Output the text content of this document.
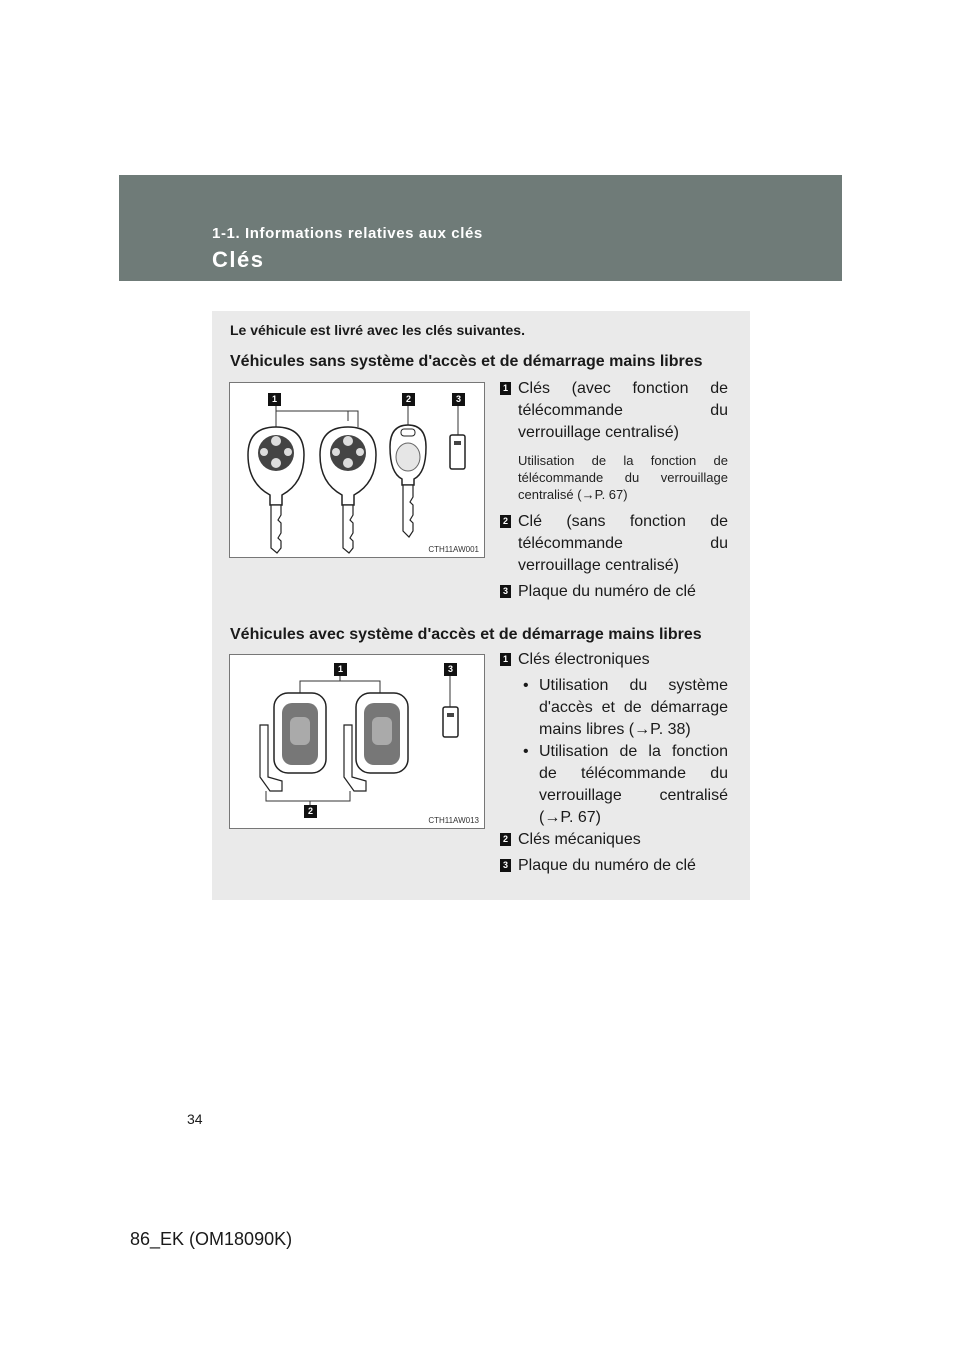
1-1. Informations relatives aux clés
Clés
Le véhicule est livré avec les clés suivantes.
Véhicules sans système d'accès et de démarrage mains libres
1	2	3
CTH11AW001
1 Clés (avec fonction de télécommande du verrouillage centralisé)
Utilisation de la fonction de télécommande du verrouillage centralisé (→P. 67)
2 Clé (sans fonction de télécommande du verrouillage centralisé)
3 Plaque du numéro de clé
Véhicules avec système d'accès et de démarrage mains libres
1	3
2
CTH11AW013
1 Clés électroniques
• Utilisation du système d'accès et de démarrage mains libres (→P. 38)
• Utilisation de la fonction de télécommande du verrouillage centralisé (→P. 67)
2 Clés mécaniques
3 Plaque du numéro de clé
34
86_EK (OM18090K)
